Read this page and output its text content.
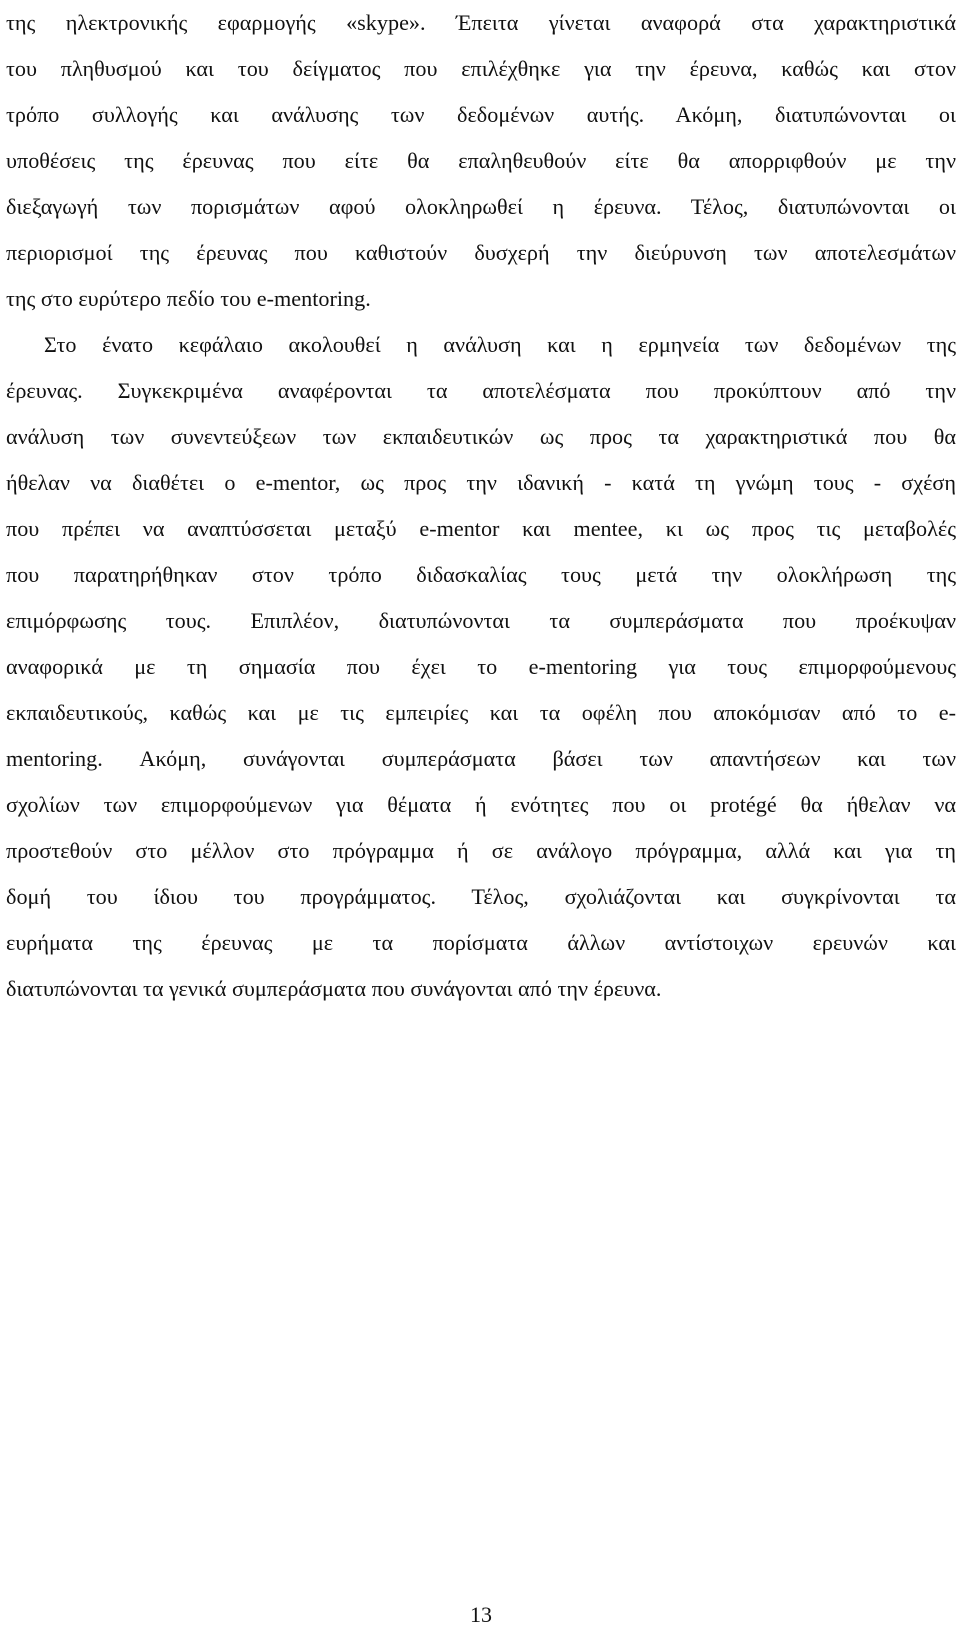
της ηλεκτρονικής εφαρμογής «skype». Έπειτα γίνεται αναφορά στα χαρακτηριστικά
του πληθυσμού και του δείγματος που επιλέχθηκε για την έρευνα, καθώς και στον
τρόπο συλλογής και ανάλυσης των δεδομένων αυτής. Ακόμη, διατυπώνονται οι
υποθέσεις της έρευνας που είτε θα επαληθευθούν είτε θα απορριφθούν με την
διεξαγωγή των πορισμάτων αφού ολοκληρωθεί η έρευνα. Τέλος, διατυπώνονται οι
περιορισμοί της έρευνας που καθιστούν δυσχερή την διεύρυνση των αποτελεσμάτων
της στο ευρύτερο πεδίο του e-mentoring.
Στο ένατο κεφάλαιο ακολουθεί η ανάλυση και η ερμηνεία των δεδομένων της
έρευνας. Συγκεκριμένα αναφέρονται τα αποτελέσματα που προκύπτουν από την
ανάλυση των συνεντεύξεων των εκπαιδευτικών ως προς τα χαρακτηριστικά που θα
ήθελαν να διαθέτει ο e-mentor, ως προς την ιδανική - κατά τη γνώμη τους - σχέση
που πρέπει να αναπτύσσεται μεταξύ e-mentor και mentee, κι ως προς τις μεταβολές
που παρατηρήθηκαν στον τρόπο διδασκαλίας τους μετά την ολοκλήρωση της
επιμόρφωσης τους. Επιπλέον, διατυπώνονται τα συμπεράσματα που προέκυψαν
αναφορικά με τη σημασία που έχει το e-mentoring για τους επιμορφούμενους
εκπαιδευτικούς, καθώς και με τις εμπειρίες και τα οφέλη που αποκόμισαν από το e-
mentoring. Ακόμη, συνάγονται συμπεράσματα βάσει των απαντήσεων και των
σχολίων των επιμορφούμενων για θέματα ή ενότητες που οι protégé θα ήθελαν να
προστεθούν στο μέλλον στο πρόγραμμα ή σε ανάλογο πρόγραμμα, αλλά και για τη
δομή του ίδιου του προγράμματος. Τέλος, σχολιάζονται και συγκρίνονται τα
ευρήματα της έρευνας με τα πορίσματα άλλων αντίστοιχων ερευνών και
διατυπώνονται τα γενικά συμπεράσματα που συνάγονται από την έρευνα.
13
